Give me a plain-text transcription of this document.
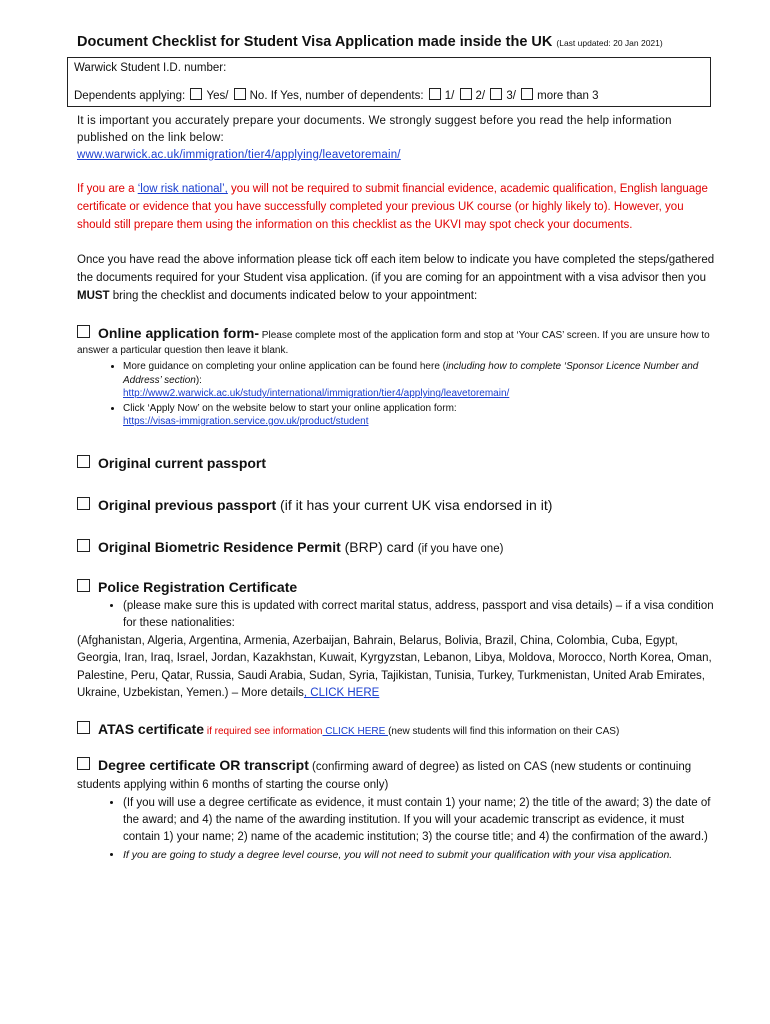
Document Checklist for Student Visa Application made inside the UK (Last updated: 20 Jan 2021)
Warwick Student I.D. number:
Dependents applying: Yes/ No. If Yes, number of dependents: 1/ 2/ 3/ more than 3
It is important you accurately prepare your documents. We strongly suggest before you read the help information published on the link below:
www.warwick.ac.uk/immigration/tier4/applying/leavetoremain/
If you are a ‘low risk national’, you will not be required to submit financial evidence, academic qualification, English language certificate or evidence that you have successfully completed your previous UK course (or highly likely to). However, you should still prepare them using the information on this checklist as the UKVI may spot check your documents.
Once you have read the above information please tick off each item below to indicate you have completed the steps/gathered the documents required for your Student visa application. (if you are coming for an appointment with a visa advisor then you MUST bring the checklist and documents indicated below to your appointment:
Online application form- Please complete most of the application form and stop at ‘Your CAS’ screen. If you are unsure how to answer a particular question then leave it blank.
• More guidance on completing your online application can be found here (including how to complete ‘Sponsor Licence Number and Address’ section):
http://www2.warwick.ac.uk/study/international/immigration/tier4/applying/leavetoremain/
• Click ‘Apply Now’ on the website below to start your online application form:
https://visas-immigration.service.gov.uk/product/student
Original current passport
Original previous passport (if it has your current UK visa endorsed in it)
Original Biometric Residence Permit (BRP) card (if you have one)
Police Registration Certificate
• (please make sure this is updated with correct marital status, address, passport and visa details) – if a visa condition for these nationalities:
(Afghanistan, Algeria, Argentina, Armenia, Azerbaijan, Bahrain, Belarus, Bolivia, Brazil, China, Colombia, Cuba, Egypt, Georgia, Iran, Iraq, Israel, Jordan, Kazakhstan, Kuwait, Kyrgyzstan, Lebanon, Libya, Moldova, Morocco, North Korea, Oman, Palestine, Peru, Qatar, Russia, Saudi Arabia, Sudan, Syria, Tajikistan, Tunisia, Turkey, Turkmenistan, United Arab Emirates, Ukraine, Uzbekistan, Yemen.) – More details, CLICK HERE
ATAS certificate if required see information CLICK HERE (new students will find this information on their CAS)
Degree certificate OR transcript (confirming award of degree) as listed on CAS (new students or continuing students applying within 6 months of starting the course only)
• (If you will use a degree certificate as evidence, it must contain 1) your name; 2) the title of the award; 3) the date of the award; and 4) the name of the awarding institution. If you will your academic transcript as evidence, it must contain 1) your name; 2) name of the academic institution; 3) the course title; and 4) the confirmation of the award.)
• If you are going to study a degree level course, you will not need to submit your qualification with your visa application.
